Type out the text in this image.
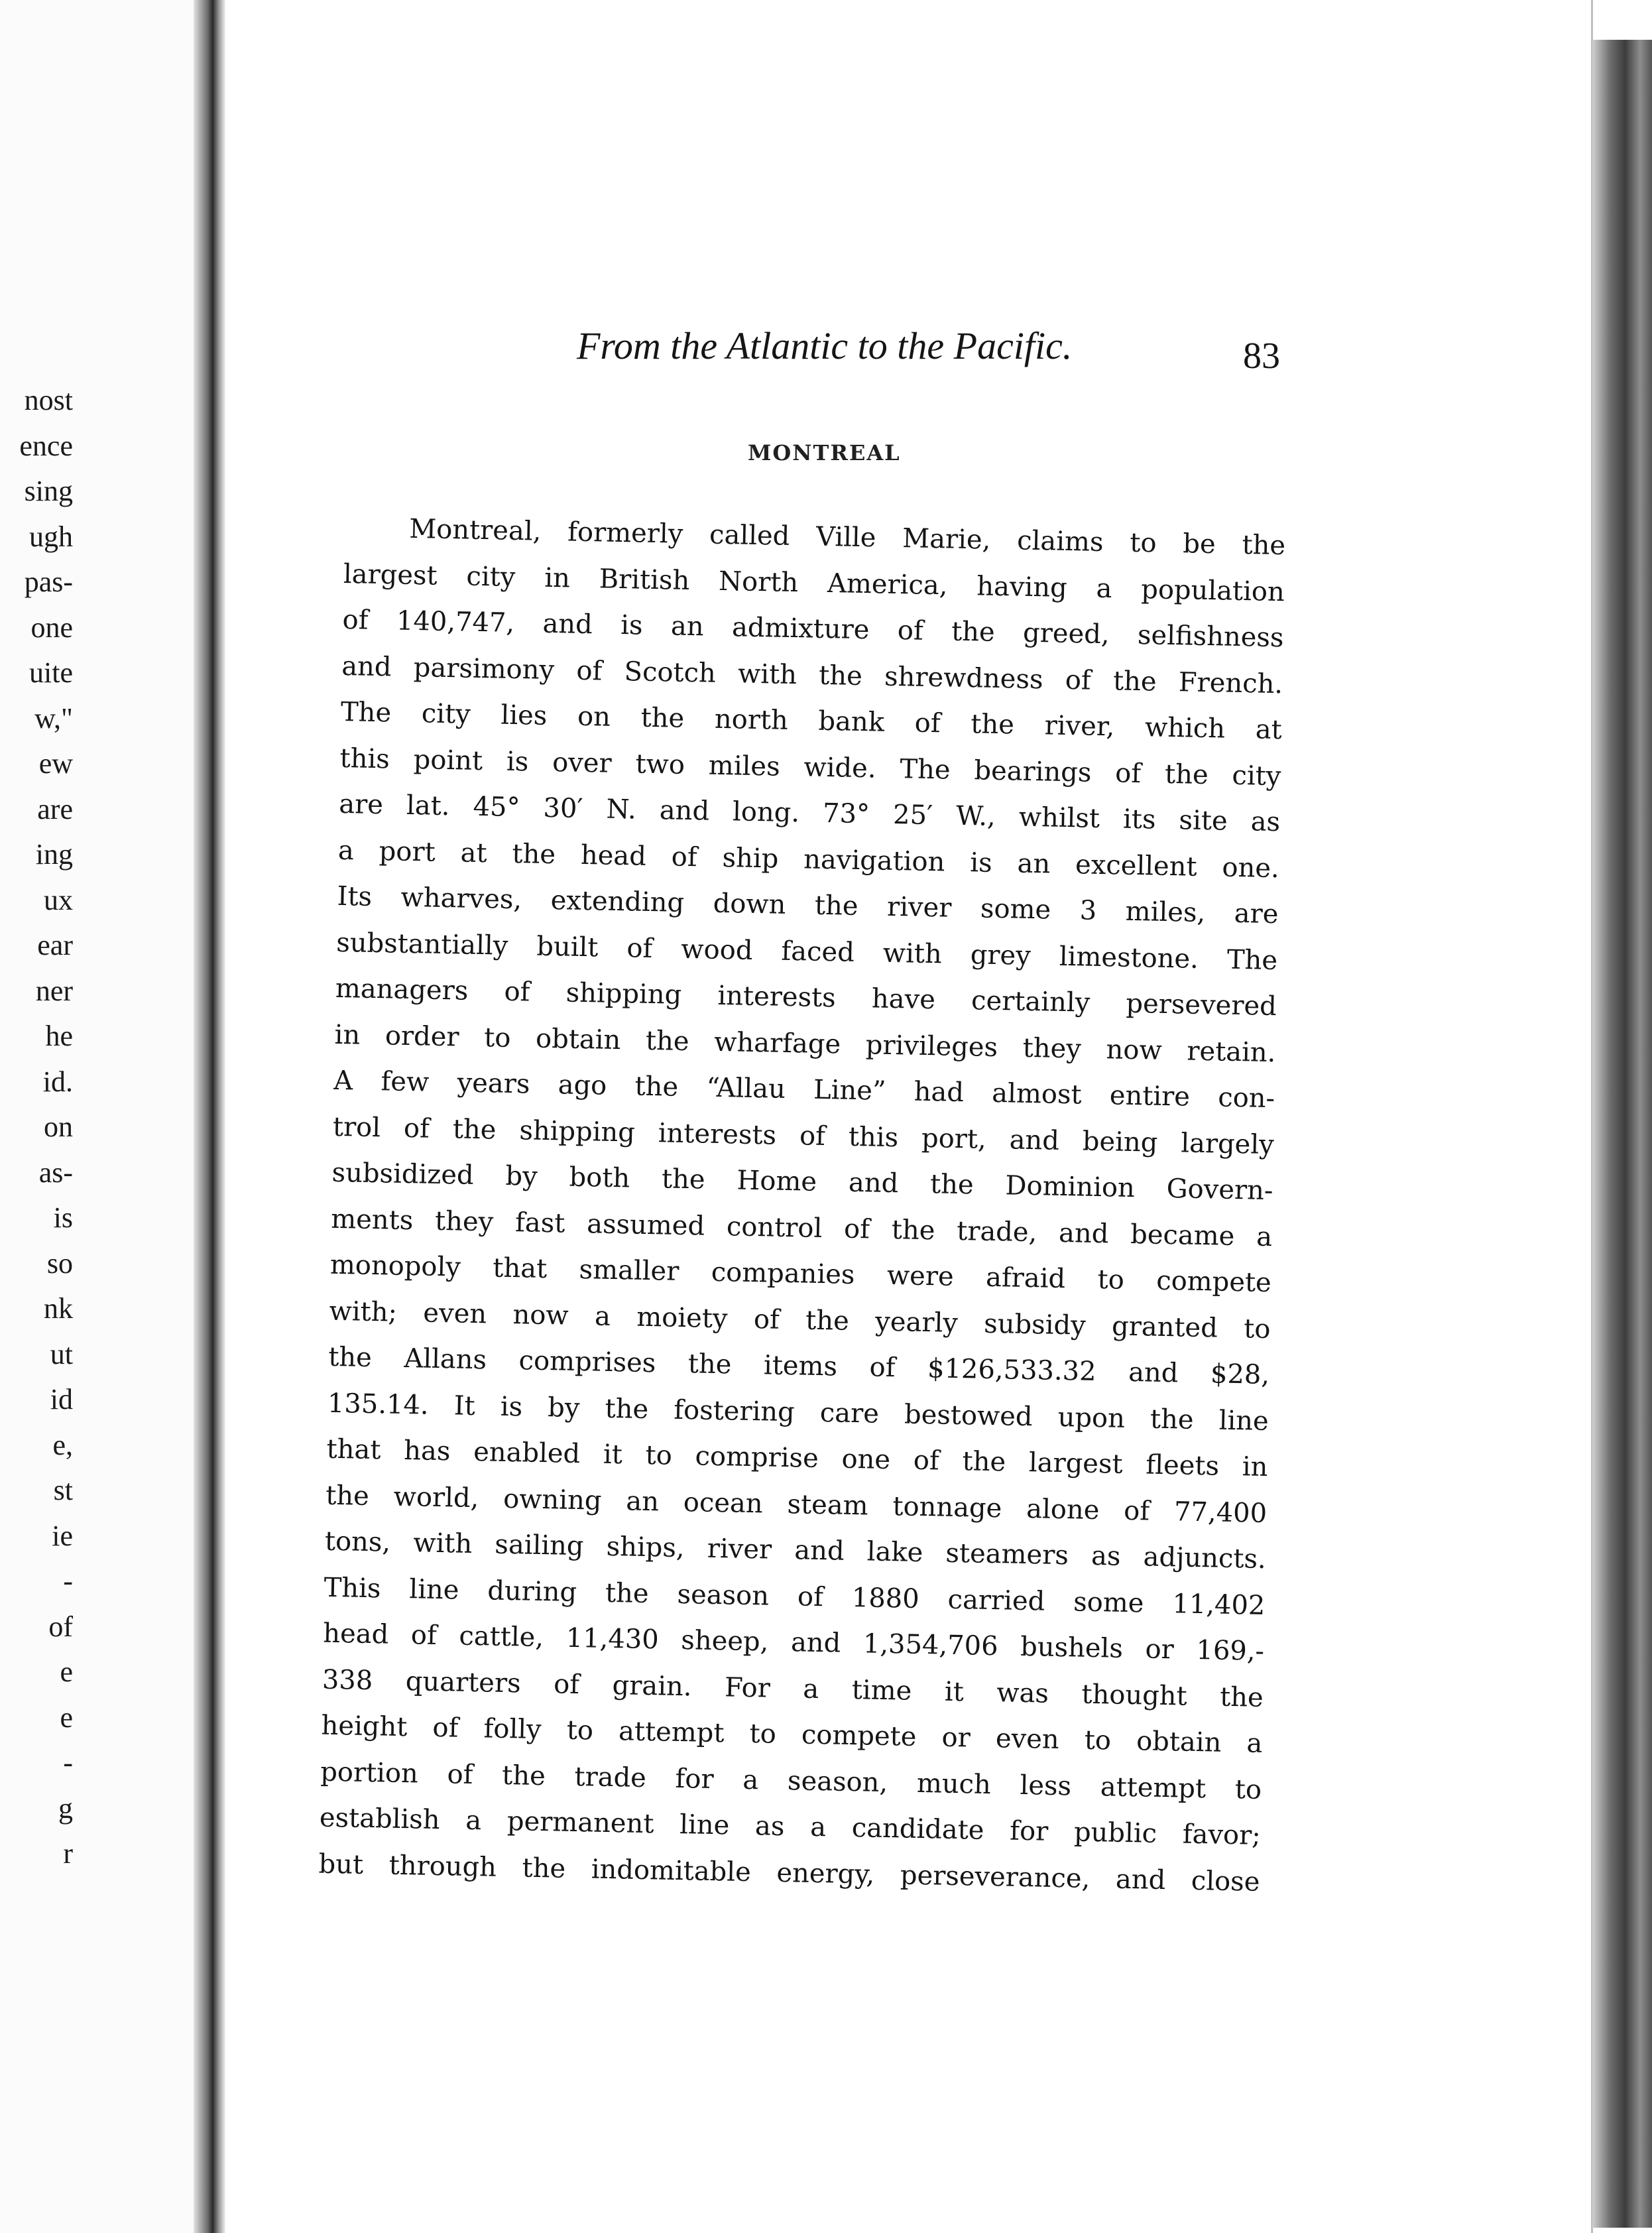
nost
ence
sing
ugh
pas-
one
uite
w,"
ew
are
ing
ux
ear
ner
he
id.
on
as-
is
so
nk
ut
id
e,
st
ie
-
of
e
e
-
g
r
From the Atlantic to the Pacific.	83
MONTREAL
Montreal, formerly called Ville Marie, claims to be the
largest city in British North America, having a population
of 140,747, and is an admixture of the greed, selfishness
and parsimony of Scotch with the shrewdness of the French.
The city lies on the north bank of the river, which at
this point is over two miles wide. The bearings of the city
are lat. 45° 30′ N. and long. 73° 25′ W., whilst its site as
a port at the head of ship navigation is an excellent one.
Its wharves, extending down the river some 3 miles, are
substantially built of wood faced with grey limestone. The
managers of shipping interests have certainly persevered
in order to obtain the wharfage privileges they now retain.
A few years ago the “Allau Line” had almost entire con-
trol of the shipping interests of this port, and being largely
subsidized by both the Home and the Dominion Govern-
ments they fast assumed control of the trade, and became a
monopoly that smaller companies were afraid to compete
with; even now a moiety of the yearly subsidy granted to
the Allans comprises the items of $126,533.32 and $28,
135.14. It is by the fostering care bestowed upon the line
that has enabled it to comprise one of the largest fleets in
the world, owning an ocean steam tonnage alone of 77,400
tons, with sailing ships, river and lake steamers as adjuncts.
This line during the season of 1880 carried some 11,402
head of cattle, 11,430 sheep, and 1,354,706 bushels or 169,-
338 quarters of grain. For a time it was thought the
height of folly to attempt to compete or even to obtain a
portion of the trade for a season, much less attempt to
establish a permanent line as a candidate for public favor;
but through the indomitable energy, perseverance, and close
